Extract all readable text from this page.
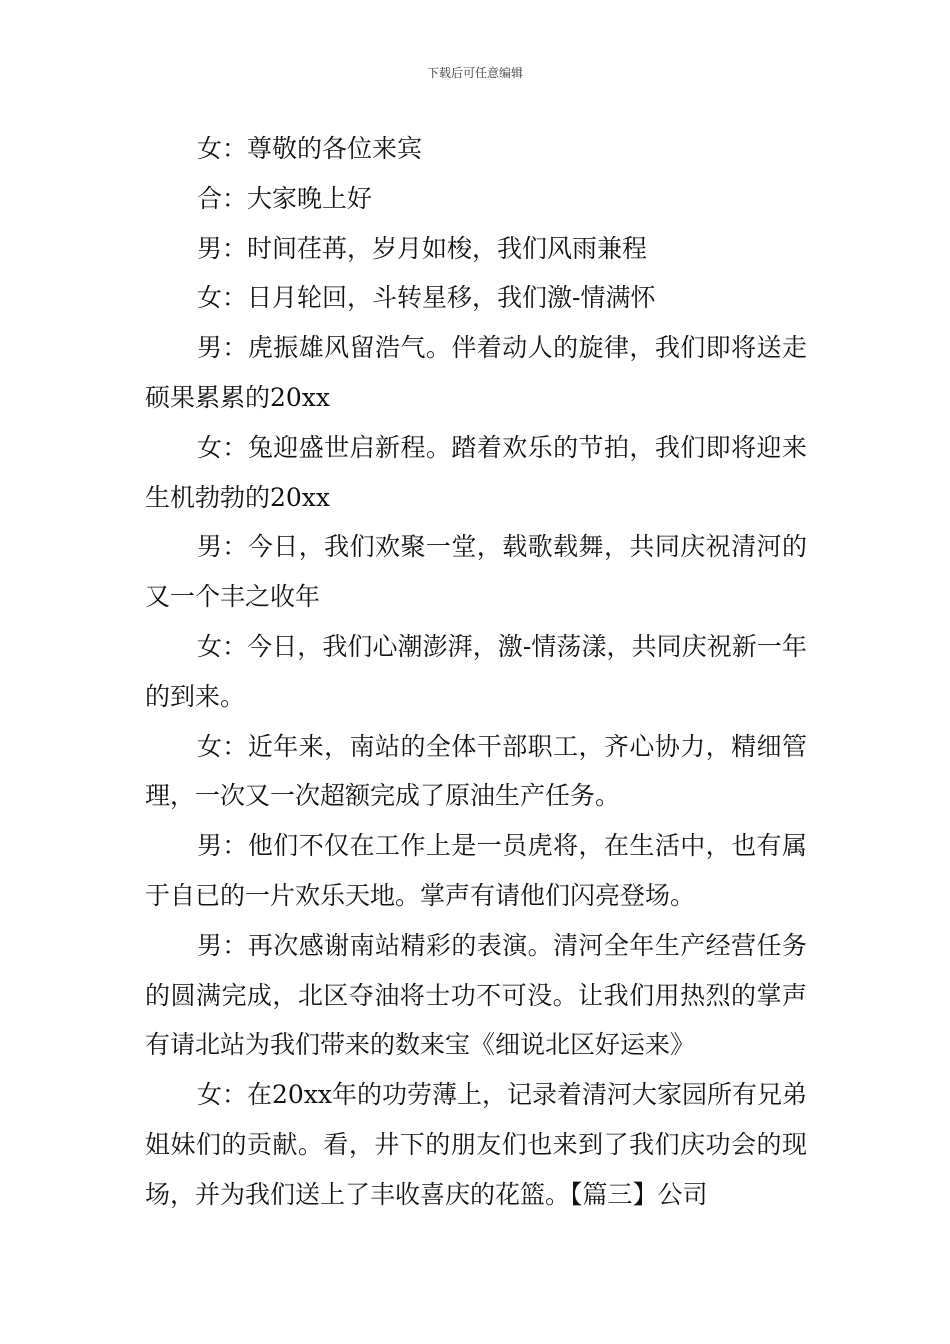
下载后可任意编辑

女：尊敬的各位来宾

合：大家晚上好

男：时间荏苒，岁月如梭，我们风雨兼程

女：日月轮回，斗转星移，我们激-情满怀

男：虎振雄风留浩气。伴着动人的旋律，我们即将送走硕果累累的20xx

女：兔迎盛世启新程。踏着欢乐的节拍，我们即将迎来生机勃勃的20xx

男：今日，我们欢聚一堂，载歌载舞，共同庆祝清河的又一个丰之收年

女：今日，我们心潮澎湃，激-情荡漾，共同庆祝新一年的到来。

女：近年来，南站的全体干部职工，齐心协力，精细管理，一次又一次超额完成了原油生产任务。

男：他们不仅在工作上是一员虎将，在生活中，也有属于自已的一片欢乐天地。掌声有请他们闪亮登场。

男：再次感谢南站精彩的表演。清河全年生产经营任务的圆满完成，北区夺油将士功不可没。让我们用热烈的掌声有请北站为我们带来的数来宝《细说北区好运来》

女：在20xx年的功劳薄上，记录着清河大家园所有兄弟姐妹们的贡献。看，井下的朋友们也来到了我们庆功会的现场，并为我们送上了丰收喜庆的花篮。【篇三】公司
